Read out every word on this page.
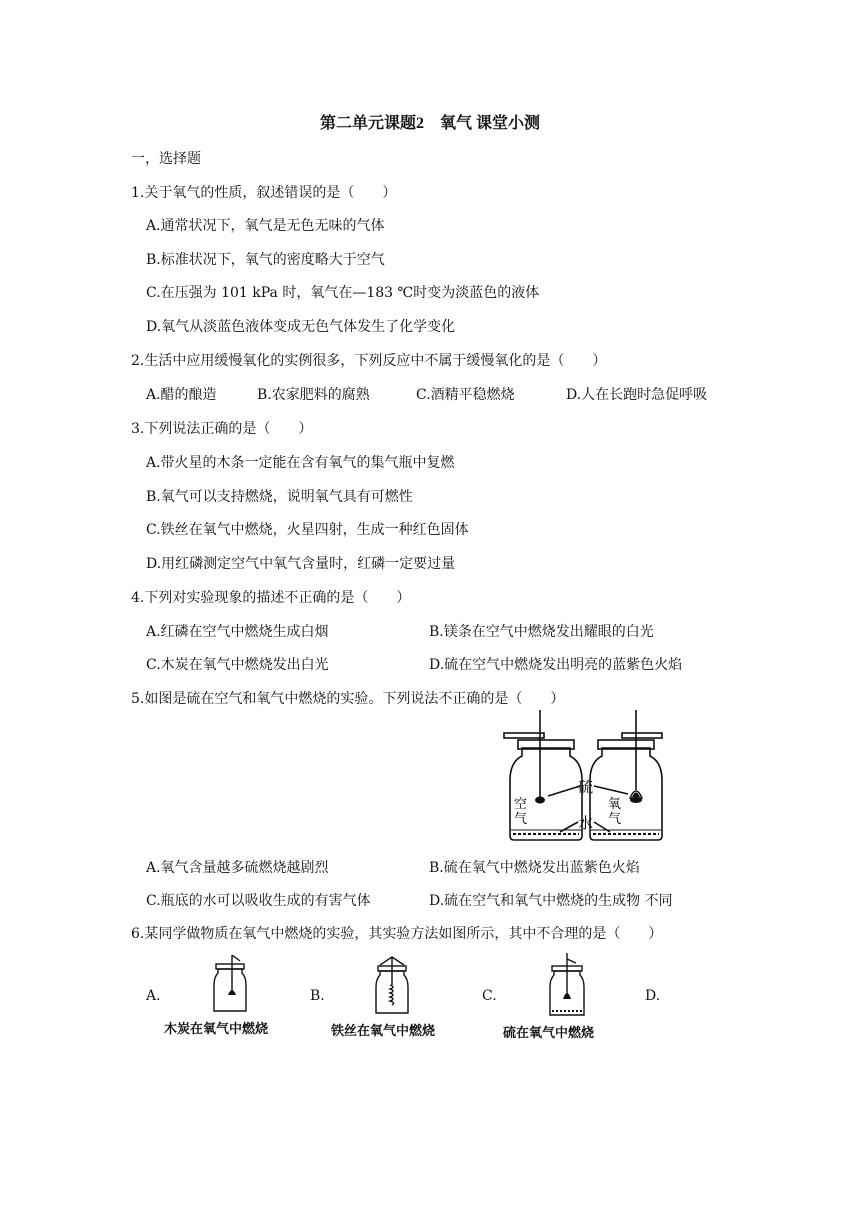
第二单元课题2　氧气 课堂小测
一，选择题
1.关于氧气的性质，叙述错误的是（　　）
A.通常状况下，氧气是无色无味的气体
B.标准状况下，氧气的密度略大于空气
C.在压强为 101 kPa 时，氧气在—183 ℃时变为淡蓝色的液体
D.氧气从淡蓝色液体变成无色气体发生了化学变化
2.生活中应用缓慢氧化的实例很多，下列反应中不属于缓慢氧化的是（　　）
A.醋的酿造	B.农家肥料的腐熟	C.酒精平稳燃烧	D.人在长跑时急促呼吸
3.下列说法正确的是（　　）
A.带火星的木条一定能在含有氧气的集气瓶中复燃
B.氧气可以支持燃烧，说明氧气具有可燃性
C.铁丝在氧气中燃烧，火星四射，生成一种红色固体
D.用红磷测定空气中氧气含量时，红磷一定要过量
4.下列对实验现象的描述不正确的是（　　）
A.红磷在空气中燃烧生成白烟	B.镁条在空气中燃烧发出耀眼的白光
C.木炭在氧气中燃烧发出白光	D.硫在空气中燃烧发出明亮的蓝紫色火焰
5.如图是硫在空气和氧气中燃烧的实验。下列说法不正确的是（　　）
硫
水
空
气
氧
气
A.氧气含量越多硫燃烧越剧烈	B.硫在氧气中燃烧发出蓝紫色火焰
C.瓶底的水可以吸收生成的有害气体	D.硫在空气和氧气中燃烧的生成物 不同
6.某同学做物质在氧气中燃烧的实验，其实验方法如图所示，其中不合理的是（　　）
A.	B.	C.	D.
木炭在氧气中燃烧	铁丝在氧气中燃烧	硫在氧气中燃烧
